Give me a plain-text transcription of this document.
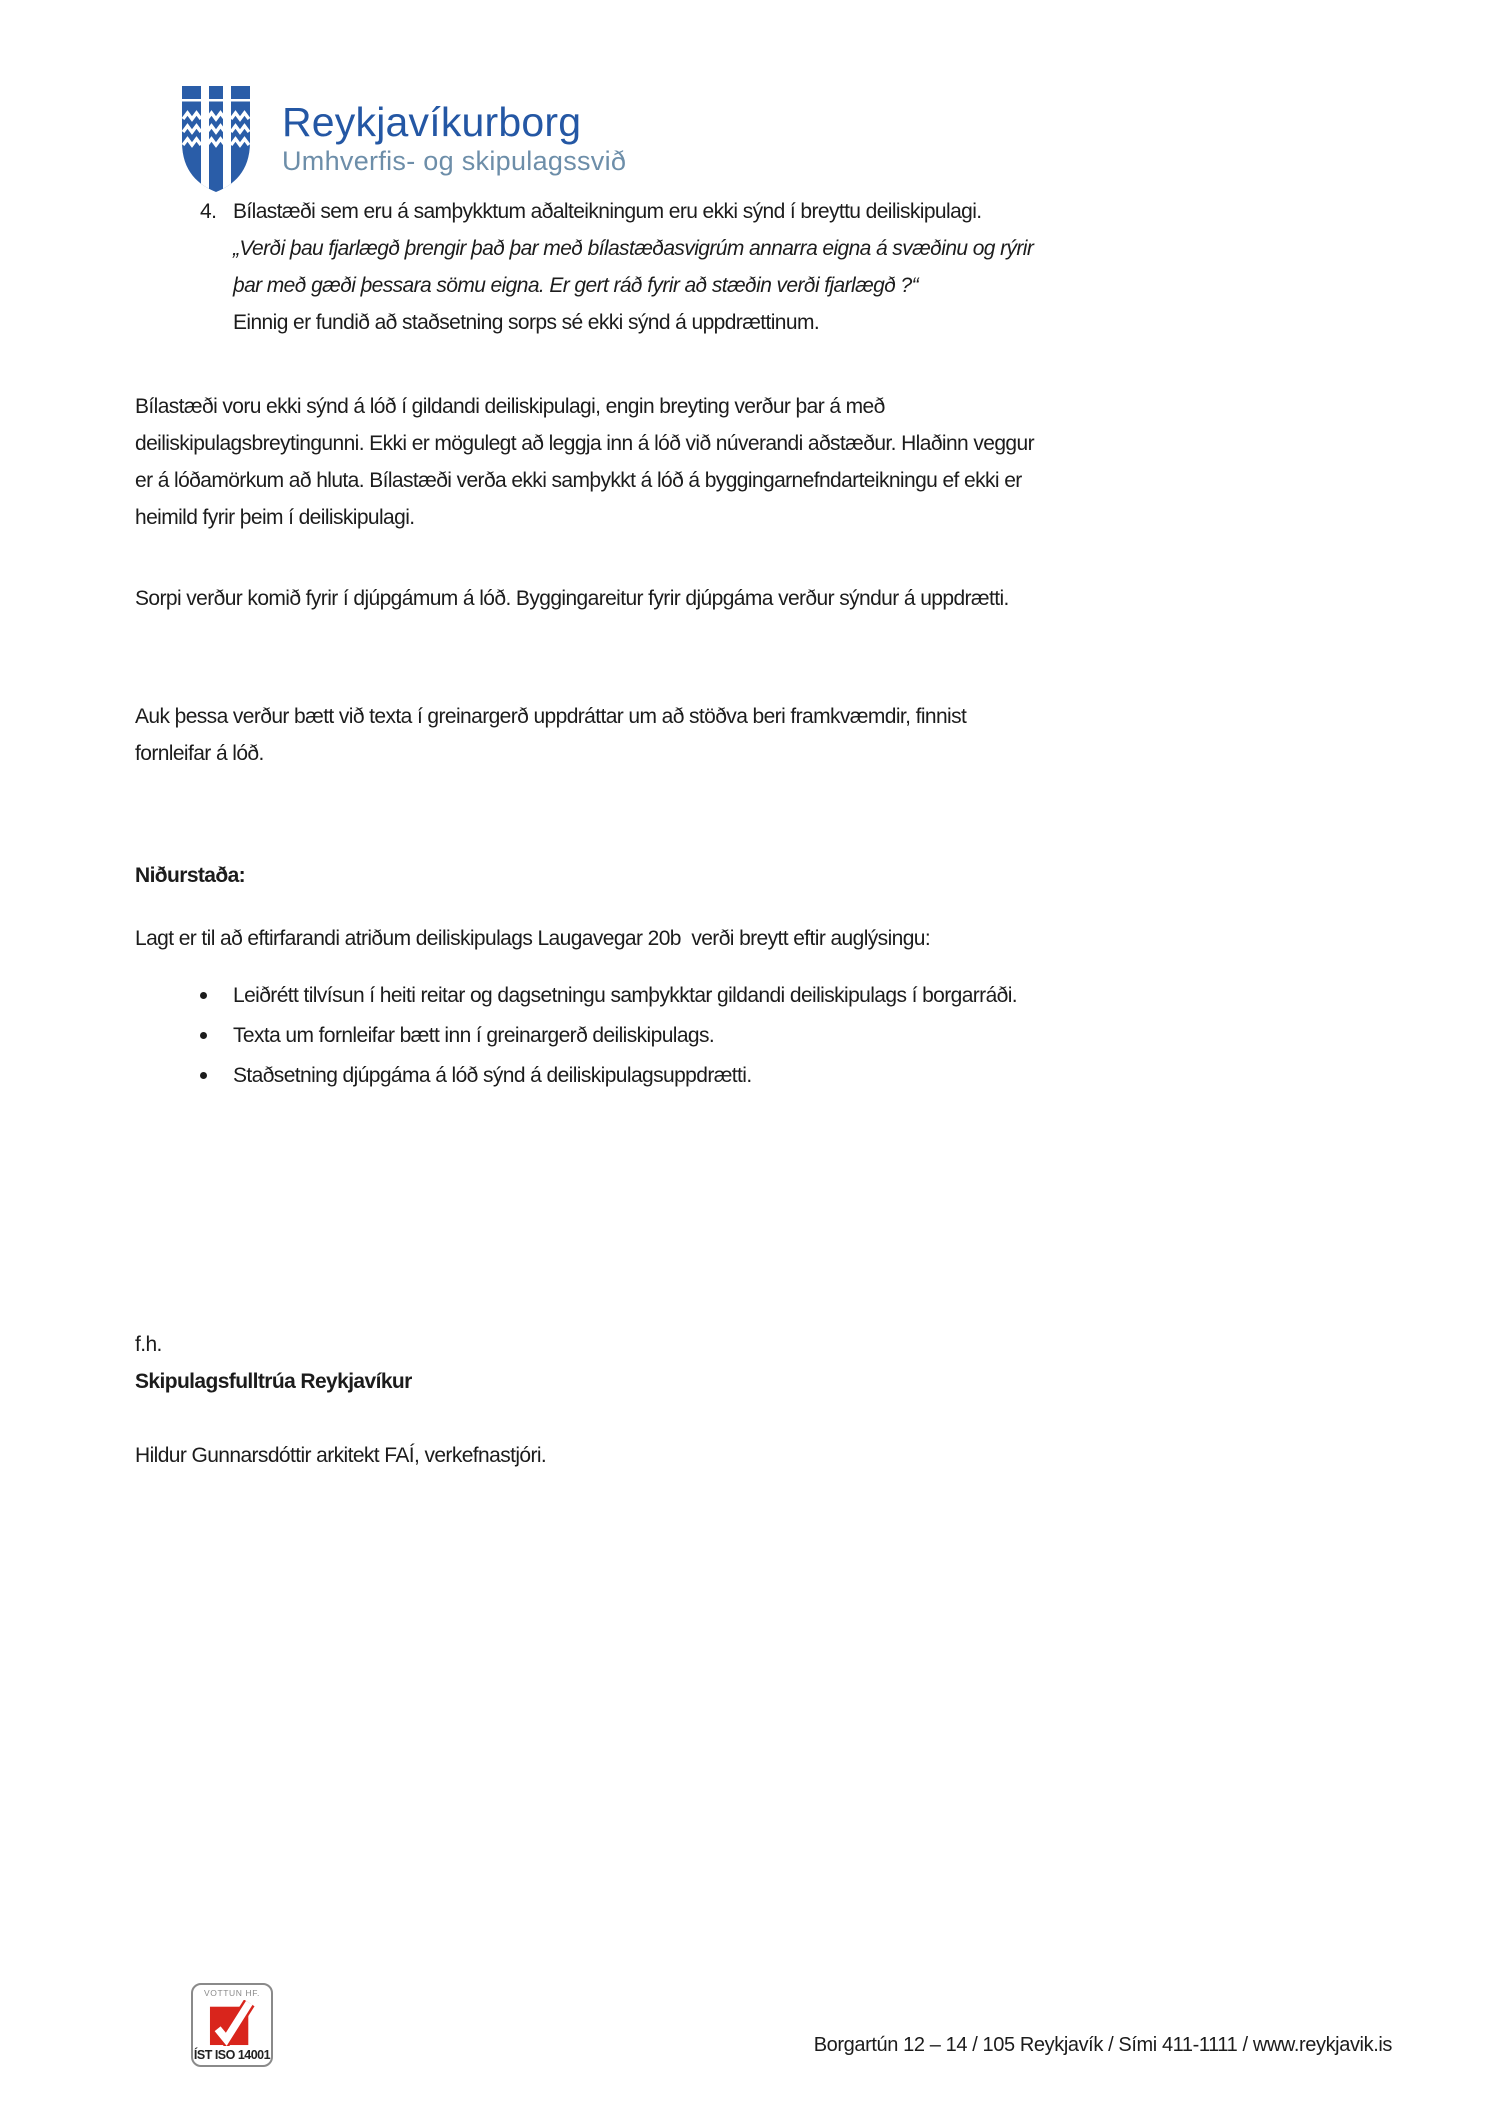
Reykjavíkurborg
Umhverfis- og skipulagssvið
4. Bílastæði sem eru á samþykktum aðalteikningum eru ekki sýnd í breyttu deiliskipulagi.

„Verði þau fjarlægð þrengir það þar með bílastæðasvigrúm annarra eigna á svæðinu og rýrir þar með gæði þessara sömu eigna. Er gert ráð fyrir að stæðin verði fjarlægð ?“

Einnig er fundið að staðsetning sorps sé ekki sýnd á uppdrættinum.

Bílastæði voru ekki sýnd á lóð í gildandi deiliskipulagi, engin breyting verður þar á með deiliskipulagsbreytingunni. Ekki er mögulegt að leggja inn á lóð við núverandi aðstæður. Hlaðinn veggur er á lóðamörkum að hluta. Bílastæði verða ekki samþykkt á lóð á byggingarnefndarteikningu ef ekki er heimild fyrir þeim í deiliskipulagi.

Sorpi verður komið fyrir í djúpgámum á lóð. Byggingareitur fyrir djúpgáma verður sýndur á uppdrætti.

Auk þessa verður bætt við texta í greinargerð uppdráttar um að stöðva beri framkvæmdir, finnist fornleifar á lóð.

Niðurstaða:
Lagt er til að eftirfarandi atriðum deiliskipulags Laugavegar 20b  verði breytt eftir auglýsingu:
Leiðrétt tilvísun í heiti reitar og dagsetningu samþykktar gildandi deiliskipulags í borgarráði.
Texta um fornleifar bætt inn í greinargerð deiliskipulags.
Staðsetning djúpgáma á lóð sýnd á deiliskipulagsuppdrætti.
f.h.
Skipulagsfulltrúa Reykjavíkur
Hildur Gunnarsdóttir arkitekt FAÍ, verkefnastjóri.
VOTTUN HF.
ÍST ISO 14001	Borgartún 12 – 14 / 105 Reykjavík / Sími 411-1111 / www.reykjavik.is
